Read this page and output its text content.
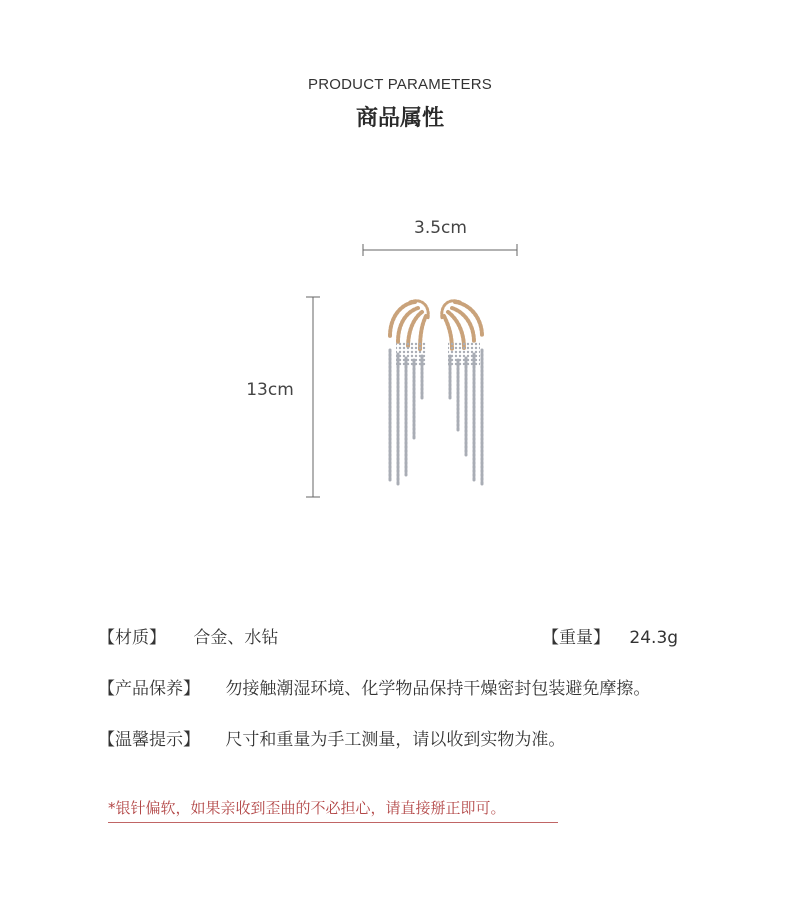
PRODUCT PARAMETERS
商品属性
3.5cm
13cm
【材质】 合金、水钻	【重量】 24.3g
【产品保养】 勿接触潮湿环境、化学物品保持干燥密封包装避免摩擦。
【温馨提示】 尺寸和重量为手工测量，请以收到实物为准。
*银针偏软，如果亲收到歪曲的不必担心，请直接掰正即可。
